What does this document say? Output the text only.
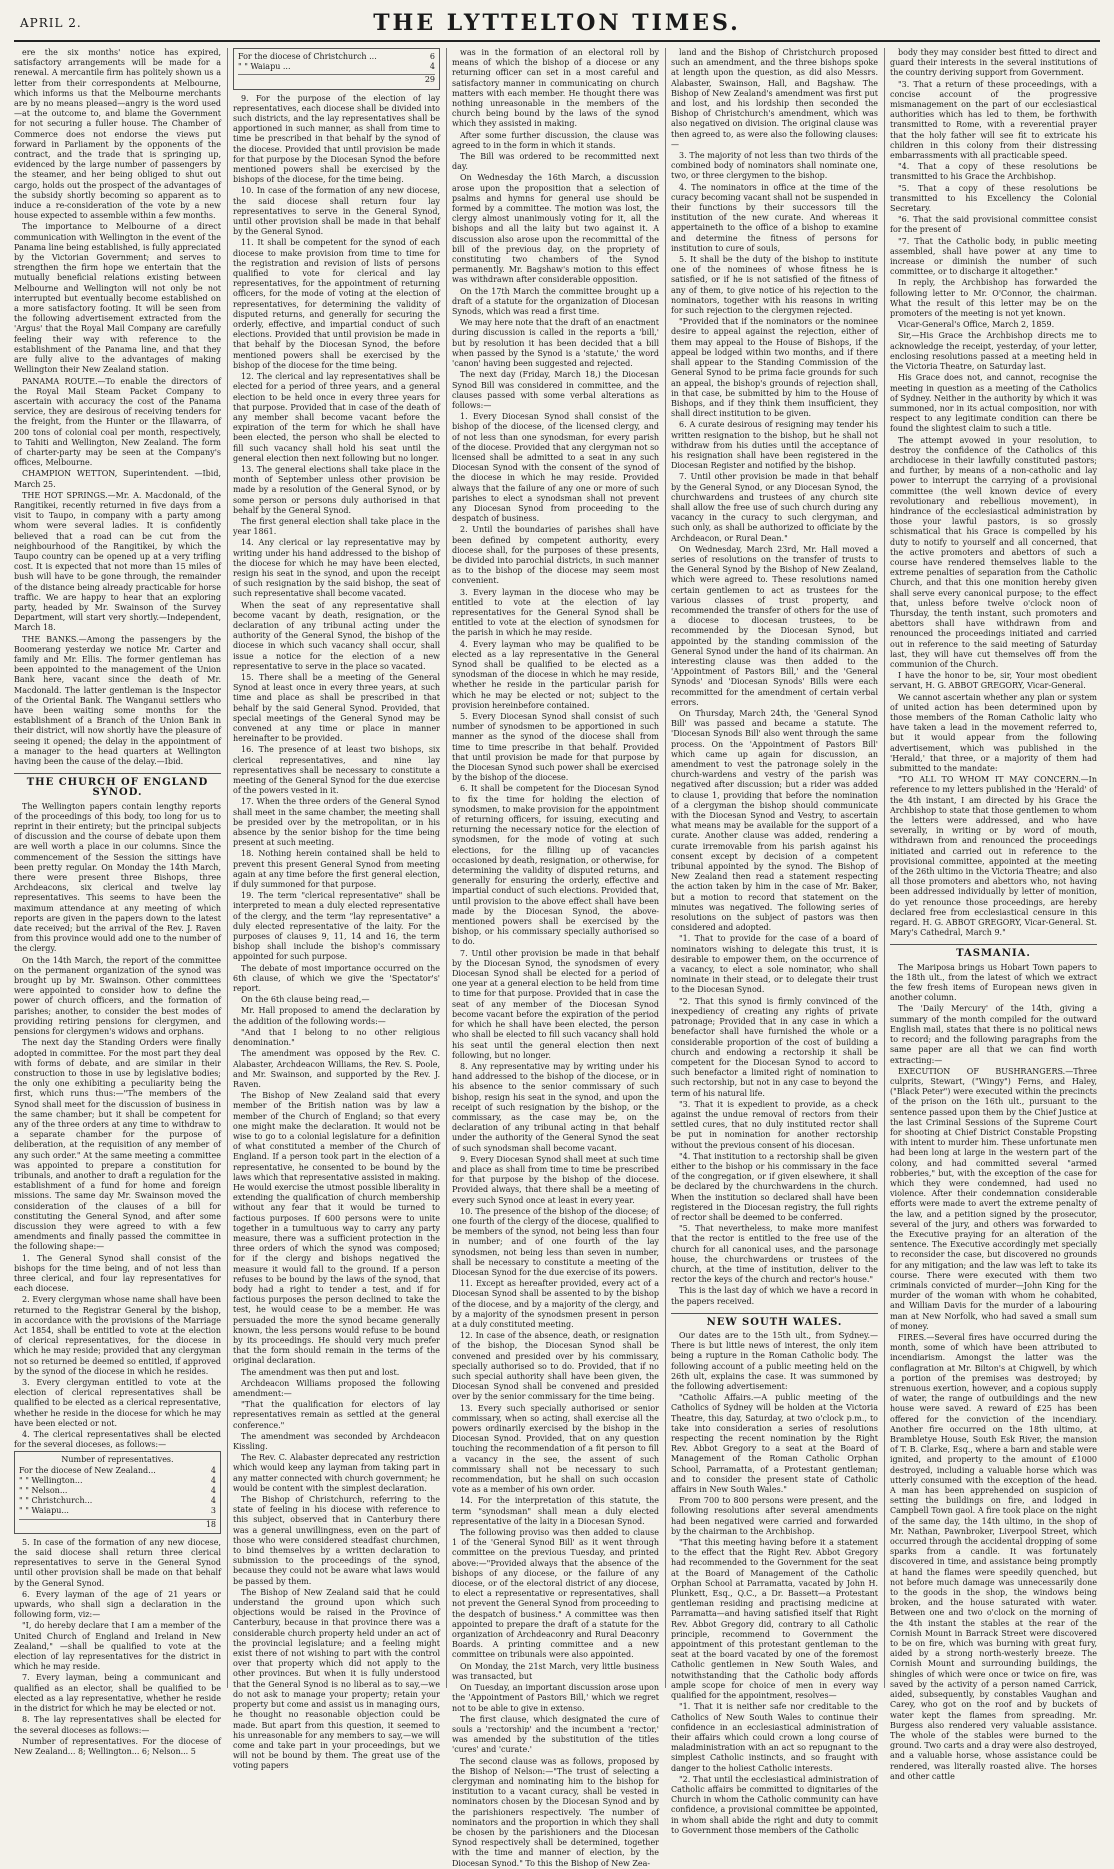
APRIL 2.	THE LYTTELTON TIMES.

ere the six months' notice has expired, satisfactory arrangements will be made for a renewal. A mercantile firm has politely shown us a letter from their correspondents at Melbourne, which informs us that the Melbourne merchants are by no means pleased—angry is the word used—at the outcome to, and blame the Government for not securing a fuller house. The Chamber of Commerce does not endorse the views put forward in Parliament by the opponents of the contract, and the trade that is springing up, evidenced by the large number of passengers by the steamer, and her being obliged to shut out cargo, holds out the prospect of the advantages of the subsidy shortly becoming so apparent as to induce a re-consideration of the vote by a new house expected to assemble within a few months.

The importance to Melbourne of a direct communication with Wellington in the event of the Panama line being established, is fully appreciated by the Victorian Government; and serves to strengthen the firm hope we entertain that the mutually beneficial relations existing between Melbourne and Wellington will not only be not interrupted but eventually become established on a more satisfactory footing. It will be seen from the following advertisement extracted from the 'Argus' that the Royal Mail Company are carefully feeling their way with reference to the establishment of the Panama line, and that they are fully alive to the advantages of making Wellington their New Zealand station.

PANAMA ROUTE.—To enable the directors of the Royal Mail Steam Packet Company to ascertain with accuracy the cost of the Panama service, they are desirous of receiving tenders for the freight, from the Hunter or the Illawarra, of 200 tons of colonial coal per month, respectively, to Tahiti and Wellington, New Zealand. The form of charter-party may be seen at the Company's offices, Melbourne.

CHAMPION WETTON, Superintendent. —Ibid, March 25.

THE HOT SPRINGS.—Mr. A. Macdonald, of the Rangitikei, recently returned in five days from a visit to Taupo, in company with a party among whom were several ladies. It is confidently believed that a road can be cut from the neighbourhood of the Rangitikei, by which the Taupo country can be opened up at a very trifling cost. It is expected that not more than 15 miles of bush will have to be gone through, the remainder of the distance being already practicable for horse traffic. We are happy to hear that an exploring party, headed by Mr. Swainson of the Survey Department, will start very shortly.—Independent, March 18.

THE BANKS.—Among the passengers by the Boomerang yesterday we notice Mr. Carter and family and Mr. Ellis. The former gentleman has been appointed to the management of the Union Bank here, vacant since the death of Mr. Macdonald. The latter gentleman is the Inspector of the Oriental Bank. The Wanganui settlers who have been waiting some months for the establishment of a Branch of the Union Bank in their district, will now shortly have the pleasure of seeing it opened; the delay in the appointment of a manager to the head quarters at Wellington having been the cause of the delay.—Ibid.

THE CHURCH OF ENGLAND SYNOD.

The Wellington papers contain lengthy reports of the proceedings of this body, too long for us to reprint in their entirety; but the principal subjects of discussion and the course of debate upon them are well worth a place in our columns. Since the commencement of the Session the sittings have been pretty regular. On Monday the 14th March, there were present three Bishops, three Archdeacons, six clerical and twelve lay representatives. This seems to have been the maximum attendance at any meeting of which reports are given in the papers down to the latest date received; but the arrival of the Rev. J. Raven from this province would add one to the number of the clergy.

On the 14th March, the report of the committee on the permanent organization of the synod was brought up by Mr. Swainson. Other committees were appointed to consider how to define the power of church officers, and the formation of parishes; another, to consider the best modes of providing retiring pensions for clergymen, and pensions for clergymen's widows and orphans.

The next day the Standing Orders were finally adopted in committee. For the most part they deal with forms of debate, and are similar in their construction to those in use by legislative bodies; the only one exhibiting a peculiarity being the first, which runs thus:—"The members of the Synod shall meet for the discussion of business in the same chamber; but it shall be competent for any of the three orders at any time to withdraw to a separate chamber for the purpose of deliberation, at the requisition of any member of any such order." At the same meeting a committee was appointed to prepare a constitution for tribunals, and another to draft a regulation for the establishment of a fund for home and foreign missions. The same day Mr. Swainson moved the consideration of the clauses of a bill for constituting the General Synod, and after some discussion they were agreed to with a few amendments and finally passed the committee in the following shape:—

1. The General Synod shall consist of the bishops for the time being, and of not less than three clerical, and four lay representatives for each diocese.

2. Every clergyman whose name shall have been returned to the Registrar General by the bishop, in accordance with the provisions of the Marriage Act 1854, shall be entitled to vote at the election of clerical representatives, for the diocese in which he may reside; provided that any clergyman not so returned be deemed so entitled, if approved by the synod of the diocese in which he resides.

3. Every clergyman entitled to vote at the election of clerical representatives shall be qualified to be elected as a clerical representative, whether he reside in the diocese for which he may have been elected or not.

4. The clerical representatives shall be elected for the several dioceses, as follows:—

Number of representatives.
For the diocese of New Zealand...	4
" " Wellington...	4
" " Nelson...	4
" " Christchurch...	4
" " Waiapu...	3
18

5. In case of the formation of any new diocese, the said diocese shall return three clerical representatives to serve in the General Synod until other provision shall be made on that behalf by the General Synod.

6. Every layman of the age of 21 years or upwards, who shall sign a declaration in the following form, viz:—

"I, do hereby declare that I am a member of the United Church of England and Ireland in New Zealand," —shall be qualified to vote at the election of lay representatives for the district in which he may reside.

7. Every layman, being a communicant and qualified as an elector, shall be qualified to be elected as a lay representative, whether he reside in the district for which he may be elected or not.

8. The lay representatives shall be elected for the several dioceses as follows:—

Number of representatives. For the diocese of New Zealand... 8; Wellington... 6; Nelson... 5

For the diocese of Christchurch ...	6
" " Waiapu ...	4
29

9. For the purpose of the election of lay representatives, each diocese shall be divided into such districts, and the lay representatives shall be apportioned in such manner, as shall from time to time be prescribed in that behalf by the synod of the diocese. Provided that until provision be made for that purpose by the Diocesan Synod the before mentioned powers shall be exercised by the bishops of the diocese, for the time being.

10. In case of the formation of any new diocese, the said diocese shall return four lay representatives to serve in the General Synod, until other provision shall be made in that behalf by the General Synod.

11. It shall be competent for the synod of each diocese to make provision from time to time for the registration and revision of lists of persons qualified to vote for clerical and lay representatives, for the appointment of returning officers, for the mode of voting at the election of representatives, for determining the validity of disputed returns, and generally for securing the orderly, effective, and impartial conduct of such elections. Provided that until provision be made in that behalf by the Diocesan Synod, the before mentioned powers shall be exercised by the bishop of the diocese for the time being.

12. The clerical and lay representatives shall be elected for a period of three years, and a general election to be held once in every three years for that purpose. Provided that in case of the death of any member shall become vacant before the expiration of the term for which he shall have been elected, the person who shall be elected to fill such vacancy shall hold his seat until the general election then next following but no longer.

13. The general elections shall take place in the month of September unless other provision be made by a resolution of the General Synod, or by some person or persons duly authorised in that behalf by the General Synod.

The first general election shall take place in the year 1861.

14. Any clerical or lay representative may by writing under his hand addressed to the bishop of the diocese for which he may have been elected, resign his seat in the synod, and upon the receipt of such resignation by the said bishop, the seat of such representative shall become vacated.

When the seat of any representative shall become vacant by death, resignation, or the declaration of any tribunal acting under the authority of the General Synod, the bishop of the diocese in which such vacancy shall occur, shall issue a notice for the election of a new representative to serve in the place so vacated.

15. There shall be a meeting of the General Synod at least once in every three years, at such time and place as shall be prescribed in that behalf by the said General Synod. Provided, that special meetings of the General Synod may be convened at any time or place in manner hereinafter to be provided.

16. The presence of at least two bishops, six clerical representatives, and nine lay representatives shall be necessary to constitute a meeting of the General Synod for the due exercise of the powers vested in it.

17. When the three orders of the General Synod shall meet in the same chamber, the meeting shall be presided over by the metropolitan, or in his absence by the senior bishop for the time being present at such meeting.

18. Nothing herein contained shall be held to prevent this present General Synod from meeting again at any time before the first general election, if duly summoned for that purpose.

19. The term "clerical representative" shall be interpreted to mean a duly elected representative of the clergy, and the term "lay representative" a duly elected representative of the laity. For the purposes of clauses 9, 11, 14 and 16, the term bishop shall include the bishop's commissary appointed for such purpose.

The debate of most importance occurred on the 6th clause, of which we give the 'Spectator's' report.

On the 6th clause being read,—

Mr. Hall proposed to amend the declaration by the addition of the following words:—

"And that I belong to no other religious denomination."

The amendment was opposed by the Rev. C. Alabaster, Archdeacon Williams, the Rev. S. Poole, and Mr. Swainson, and supported by the Rev. J. Raven.

The Bishop of New Zealand said that every member of the British nation was by law a member of the Church of England; so that every one might make the declaration. It would not be wise to go to a colonial legislature for a definition of what constituted a member of the Church of England. If a person took part in the election of a representative, he consented to be bound by the laws which that representative assisted in making. He would exercise the utmost possible liberality in extending the qualification of church membership without any fear that it would be turned to factious purposes. If 600 persons were to unite together in a tumultuous way to carry any party measure, there was a sufficient protection in the three orders of which the synod was composed; for if the clergy and bishops negatived the measure it would fall to the ground. If a person refuses to be bound by the laws of the synod, that body had a right to tender a test, and if for factious purposes the person declined to take the test, he would cease to be a member. He was persuaded the more the synod became generally known, the less persons would refuse to be bound by its proceedings. He should very much prefer that the form should remain in the terms of the original declaration.

The amendment was then put and lost.

Archdeacon Williams proposed the following amendment:—

"That the qualification for electors of lay representatives remain as settled at the general conference."

The amendment was seconded by Archdeacon Kissling.

The Rev. C. Alabaster deprecated any restriction which would keep any layman from taking part in any matter connected with church government; he would be content with the simplest declaration.

The Bishop of Christchurch, referring to the state of feeling in his diocese with reference to this subject, observed that in Canterbury there was a general unwillingness, even on the part of those who were considered steadfast churchmen, to bind themselves by a written declaration to submission to the proceedings of the synod, because they could not be aware what laws would be passed by them.

The Bishop of New Zealand said that he could understand the ground upon which such objections would be raised in the Province of Canterbury, because in that province there was a considerable church property held under an act of the provincial legislature; and a feeling might exist there of not wishing to part with the control over that property which did not apply to the other provinces. But when it is fully understood that the General Synod is no liberal as to say,—we do not ask to manage your property; retain your property but come and assist us in managing ours, he thought no reasonable objection could be made. But apart from this question, it seemed to his unreasonable for any members to say,—we will come and take part in your proceedings, but we will not be bound by them. The great use of the voting papers

was in the formation of an electoral roll by means of which the bishop of a diocese or any returning officer can set in a most careful and satisfactory manner in communicating on church matters with each member. He thought there was nothing unreasonable in the members of the church being bound by the laws of the synod which they assisted in making.

After some further discussion, the clause was agreed to in the form in which it stands.

The Bill was ordered to be recommitted next day.

On Wednesday the 16th March, a discussion arose upon the proposition that a selection of psalms and hymns for general use should be formed by a committee. The motion was lost, the clergy almost unanimously voting for it, all the bishops and all the laity but two against it. A discussion also arose upon the recommittal of the bill of the previous day, on the propriety of constituting two chambers of the Synod permanently. Mr. Bagshaw's motion to this effect was withdrawn after considerable opposition.

On the 17th March the committee brought up a draft of a statute for the organization of Diocesan Synods, which was read a first time.

We may here note that the draft of an enactment during discussion is called in the reports a 'bill,' but by resolution it has been decided that a bill when passed by the Synod is a 'statute,' the word 'canon' having been suggested and rejected.

The next day (Friday, March 18,) the Diocesan Synod Bill was considered in committee, and the clauses passed with some verbal alterations as follows:—

1. Every Diocesan Synod shall consist of the bishop of the diocese, of the licensed clergy, and of not less than one synodsman, for every parish of the diocese. Provided that any clergyman not so licensed shall be admitted to a seat in any such Diocesan Synod with the consent of the synod of the diocese in which he may reside. Provided always that the failure of any one or more of such parishes to elect a synodsman shall not prevent any Diocesan Synod from proceeding to the despatch of business.

2. Until the boundaries of parishes shall have been defined by competent authority, every diocese shall, for the purposes of these presents, be divided into parochial districts, in such manner as to the bishop of the diocese may seem most convenient.

3. Every layman in the diocese who may be entitled to vote at the election of lay representatives for the General Synod shall be entitled to vote at the election of synodsmen for the parish in which he may reside.

4. Every layman who may be qualified to be elected as a lay representative in the General Synod shall be qualified to be elected as a synodsman of the diocese in which he may reside, whether he reside in the particular parish for which he may be elected or not; subject to the provision hereinbefore contained.

5. Every Diocesan Synod shall consist of such number of synodsmen to be apportioned in such manner as the synod of the diocese shall from time to time prescribe in that behalf. Provided that until provision be made for that purpose by the Diocesan Synod such power shall be exercised by the bishop of the diocese.

6. It shall be competent for the Diocesan Synod to fix the time for holding the election of synodsmen, to make provision for the appointment of returning officers, for issuing, executing and returning the necessary notice for the election of synodsmen, for the mode of voting at such elections, for the filling up of vacancies occasioned by death, resignation, or otherwise, for determining the validity of disputed returns, and generally for ensuring the orderly, effective and impartial conduct of such elections. Provided that, until provision to the above effect shall have been made by the Diocesan Synod, the above-mentioned powers shall be exercised by the bishop, or his commissary specially authorised so to do.

7. Until other provision be made in that behalf by the Diocesan Synod, the synodsmen of every Diocesan Synod shall be elected for a period of one year at a general election to be held from time to time for that purpose. Provided that in case the seat of any member of the Diocesan Synod become vacant before the expiration of the period for which he shall have been elected, the person who shall be elected to fill such vacancy shall hold his seat until the general election then next following, but no longer.

8. Any representative may by writing under his hand addressed to the bishop of the diocese, or in his absence to the senior commissary of such bishop, resign his seat in the synod, and upon the receipt of such resignation by the bishop, or the commissary, as the case may be, on the declaration of any tribunal acting in that behalf under the authority of the General Synod the seat of such synodsman shall become vacant.

9. Every Diocesan Synod shall meet at such time and place as shall from time to time be prescribed for that purpose by the bishop of the diocese. Provided always, that there shall be a meeting of every such Synod once at least in every year.

10. The presence of the bishop of the diocese; of one fourth of the clergy of the diocese, qualified to be members of the synod, not being less than four in number; and of one fourth of the lay synodsmen, not being less than seven in number, shall be necessary to constitute a meeting of the Diocesan Synod for the due exercise of its powers.

11. Except as hereafter provided, every act of a Diocesan Synod shall be assented to by the bishop of the diocese, and by a majority of the clergy, and by a majority of the synodsmen present in person at a duly constituted meeting.

12. In case of the absence, death, or resignation of the bishop, the Diocesan Synod shall be convened and presided over by his commissary, specially authorised so to do. Provided, that if no such special authority shall have been given, the Diocesan Synod shall be convened and presided over by the senior commissary for the time being.

13. Every such specially authorised or senior commissary, when so acting, shall exercise all the powers ordinarily exercised by the bishop in the Diocesan Synod. Provided, that on any question touching the recommendation of a fit person to fill a vacancy in the see, the assent of such commissary shall not be necessary to such recommendation, but he shall on such occasion vote as a member of his own order.

14. For the interpretation of this statute, the term "synodsman" shall mean a duly elected representative of the laity in a Diocesan Synod.

The following proviso was then added to clause 1 of the 'General Synod Bill' as it went through committee on the previous Tuesday, and printed above:—"Provided always that the absence of the bishops of any diocese, or the failure of any diocese, or of the electoral district of any diocese, to elect a representative or representatives, shall not prevent the General Synod from proceeding to the despatch of business." A committee was then appointed to prepare the draft of a statute for the organization of Archdeaconry and Rural Deaconry Boards. A printing committee and a new committee on tribunals were also appointed.

On Monday, the 21st March, very little business was transacted, but

On Tuesday, an important discussion arose upon the 'Appointment of Pastors Bill,' which we regret not to be able to give in extenso.

The first clause, which designated the cure of souls a 'rectorship' and the incumbent a 'rector,' was amended by the substitution of the titles 'cures' and 'curate.'

The second clause was as follows, proposed by the Bishop of Nelson:—"The trust of selecting a clergyman and nominating him to the bishop for institution to a vacant curacy, shall be vested in nominators chosen by the Diocesan Synod and by the parishioners respectively. The number of nominators and the proportion in which they shall be chosen by the parishioners and the Diocesan Synod respectively shall be determined, together with the time and manner of election, by the Diocesan Synod." To this the Bishop of New Zea-

land and the Bishop of Christchurch proposed such an amendment, and the three bishops spoke at length upon the question, as did also Messrs. Alabaster, Swainson, Hall, and Bagshaw. The Bishop of New Zealand's amendment was first put and lost, and his lordship then seconded the Bishop of Christchurch's amendment, which was also negatived on division. The original clause was then agreed to, as were also the following clauses:—

3. The majority of not less than two thirds of the combined body of nominators shall nominate one, two, or three clergymen to the bishop.

4. The nominators in office at the time of the curacy becoming vacant shall not be suspended in their functions by their successors till the institution of the new curate. And whereas it appertaineth to the office of a bishop to examine and determine the fitness of persons for institution to cure of souls,

5. It shall be the duty of the bishop to institute one of the nominees of whose fitness he is satisfied, or if he is not satisfied of the fitness of any of them, to give notice of his rejection to the nominators, together with his reasons in writing for such rejection to the clergymen rejected.

"Provided that if the nominators or the nominee desire to appeal against the rejection, either of them may appeal to the House of Bishops, if the appeal be lodged within two months, and if there shall appear to the Standing Commission of the General Synod to be prima facie grounds for such an appeal, the bishop's grounds of rejection shall, in that case, be submitted by him to the House of Bishops, and if they think them insufficient, they shall direct institution to be given.

6. A curate desirous of resigning may tender his written resignation to the bishop, but he shall not withdraw from his duties until the acceptance of his resignation shall have been registered in the Diocesan Register and notified by the bishop.

7. Until other provision be made in that behalf by the General Synod, or any Diocesan Synod, the churchwardens and trustees of any church site shall allow the free use of such church during any vacancy in the curacy to such clergyman, and such only, as shall be authorized to officiate by the Archdeacon, or Rural Dean."

On Wednesday, March 23rd, Mr. Hall moved a series of resolutions on the transfer of trusts to the General Synod by the Bishop of New Zealand, which were agreed to. These resolutions named certain gentlemen to act as trustees for the various classes of trust property, and recommended the transfer of others for the use of a diocese to diocesan trustees, to be recommended by the Diocesan Synod, but appointed by the standing commission of the General Synod under the hand of its chairman. An interesting clause was then added to the 'Appointment of Pastors Bill,' and the 'General Synods' and 'Diocesan Synods' Bills were each recommitted for the amendment of certain verbal errors.

On Thursday, March 24th, the 'General Synod Bill' was passed and became a statute. The 'Diocesan Synods Bill' also went through the same process. On the 'Appointment of Pastors Bill' which came up again for discussion, an amendment to vest the patronage solely in the church-wardens and vestry of the parish was negatived after discussion; but a rider was added to clause 1, providing that before the nomination of a clergyman the bishop should communicate with the Diocesan Synod and Vestry, to ascertain what means may be available for the support of a curate. Another clause was added, rendering a curate irremovable from his parish against his consent except by decision of a competent tribunal appointed by the synod. The Bishop of New Zealand then read a statement respecting the action taken by him in the case of Mr. Baker, but a motion to record that statement on the minutes was negatived. The following series of resolutions on the subject of pastors was then considered and adopted.

"1. That to provide for the case of a board of nominators wishing to delegate this trust, it is desirable to empower them, on the occurrence of a vacancy, to elect a sole nominator, who shall nominate in their stead, or to delegate their trust to the Diocesan Synod.

"2. That this synod is firmly convinced of the inexpediency of creating any rights of private patronage; Provided that in any case in which a benefactor shall have furnished the whole or a considerable proportion of the cost of building a church and endowing a rectorship it shall be competent for the Diocesan Synod to accord to such benefactor a limited right of nomination to such rectorship, but not in any case to beyond the term of his natural life.

"3. That it is expedient to provide, as a check against the undue removal of rectors from their settled cures, that no duly instituted rector shall be put in nomination for another rectorship without the previous consent of his diocesan.

"4. That institution to a rectorship shall be given either to the bishop or his commissary in the face of the congregation, or if given elsewhere, it shall be declared by the churchwardens in the church. When the institution so declared shall have been registered in the Diocesan registry, the full rights of rector shall be deemed to be conferred.

"5. That nevertheless, to make more manifest that the rector is entitled to the free use of the church for all canonical uses, and the parsonage house, the churchwardens or trustees of the church, at the time of institution, deliver to the rector the keys of the church and rector's house."

This is the last day of which we have a record in the papers received.

NEW SOUTH WALES.

Our dates are to the 15th ult., from Sydney.—There is but little news of interest, the only item being a rupture in the Roman Catholic body. The following account of a public meeting held on the 26th ult, explains the case. It was summoned by the following advertisement:

"Catholic Affairs.—A public meeting of the Catholics of Sydney will be holden at the Victoria Theatre, this day, Saturday, at two o'clock p.m., to take into consideration a series of resolutions respecting the recent nomination by the Right Rev. Abbot Gregory to a seat at the Board of Management of the Roman Catholic Orphan School, Parramatta, of a Protestant gentleman; and to consider the present state of Catholic affairs in New South Wales."

From 700 to 800 persons were present, and the following resolutions after several amendments had been negatived were carried and forwarded by the chairman to the Archbishop.

"That this meeting having before it a statement to the effect that the Right Rev. Abbot Gregory had recommended to the Government for the seat at the Board of Management of the Catholic Orphan School at Parramatta, vacated by John H. Plunkett, Esq., Q.C., a Dr. Bassett—a Protestant gentleman residing and practising medicine at Parramatta—and having satisfied itself that Right Rev. Abbot Gregory did, contrary to all Catholic principle, recommend to Government the appointment of this protestant gentleman to the seat at the board vacated by one of the foremost Catholic gentlemen in New South Wales, and notwithstanding that the Catholic body affords ample scope for choice of men in every way qualified for the appointment, resolves—

"1. That it is neither safe nor creditable to the Catholics of New South Wales to continue their confidence in an ecclesiastical administration of their affairs which could crown a long course of maladministration with an act so repugnant to the simplest Catholic instincts, and so fraught with danger to the holiest Catholic interests.

"2. That until the ecclesiastical administration of Catholic affairs be committed to dignitaries of the Church in whom the Catholic community can have confidence, a provisional committee be appointed, in whom shall abide the right and duty to commit to Government those members of the Catholic

body they may consider best fitted to direct and guard their interests in the several institutions of the country deriving support from Government.

"3. That a return of these proceedings, with a concise account of the progressive mismanagement on the part of our ecclesiastical authorities which has led to them, be forthwith transmitted to Rome, with a reverential prayer that the holy father will see fit to extricate his children in this colony from their distressing embarrassments with all practicable speed.

"4. That a copy of these resolutions be transmitted to his Grace the Archbishop.

"5. That a copy of these resolutions be transmitted to his Excellency the Colonial Secretary.

"6. That the said provisional committee consist for the present of

"7. That the Catholic body, in public meeting assembled, shall have power at any time to increase or diminish the number of such committee, or to discharge it altogether."

In reply, the Archbishop has forwarded the following letter to Mr. O'Connor, the chairman. What the result of this letter may be on the promoters of the meeting is not yet known.

Vicar-General's Office, March 2, 1859.

Sir,—His Grace the Archbishop directs me to acknowledge the receipt, yesterday, of your letter, enclosing resolutions passed at a meeting held in the Victoria Theatre, on Saturday last.

His Grace does not, and cannot, recognise the meeting in question as a meeting of the Catholics of Sydney. Neither in the authority by which it was summoned, nor in its actual composition, nor with respect to any legitimate condition can there be found the slightest claim to such a title.

The attempt avowed in your resolution, to destroy the confidence of the Catholics of this archdiocese in their lawfully constituted pastors; and further, by means of a non-catholic and lay power to interrupt the carrying of a provisional committee (the well known device of every revolutionary and rebellious movement), in hindrance of the ecclesiastical administration by those your lawful pastors, is so grossly schismatical that his Grace is compelled by his duty to notify to yourself and all concerned, that the active promoters and abettors of such a course have rendered themselves liable to the extreme penalties of separation from the Catholic Church, and that this one monition hereby given shall serve every canonical purpose; to the effect that, unless before twelve o'clock noon of Thursday, the tenth instant, such promoters and abettors shall have withdrawn from and renounced the proceedings initiated and carried out in reference to the said meeting of Saturday last, they will have cut themselves off from the communion of the Church.

I have the honor to be, sir, Your most obedient servant, H. G. ABBOT GREGORY, Vicar-General.

We cannot ascertain whether any plan or system of united action has been determined upon by those members of the Roman Catholic laity who have taken a lead in the movement referred to, but it would appear from the following advertisement, which was published in the 'Herald,' that three, or a majority of them had submitted to the mandate:

"TO ALL TO WHOM IT MAY CONCERN.—In reference to my letters published in the 'Herald' of the 4th instant, I am directed by his Grace the Archbishop to state that those gentlemen to whom the letters were addressed, and who have severally, in writing or by word of mouth, withdrawn from and renounced the proceedings initiated and carried out in reference to the provisional committee, appointed at the meeting of the 26th ultimo in the Victoria Theatre; and also all those promoters and abettors who, not having been addressed individually by letter of monition, do yet renounce those proceedings, are hereby declared free from ecclesiastical censure in this regard. H. G. ABBOT GREGORY, Vicar-General. St. Mary's Cathedral, March 9."

TASMANIA.

The Mariposa brings us Hobart Town papers to the 18th ult., from the latest of which we extract the few fresh items of European news given in another column.

The 'Daily Mercury' of the 14th, giving a summary of the month compiled for the outward English mail, states that there is no political news to record; and the following paragraphs from the same paper are all that we can find worth extracting:—

EXECUTION OF BUSHRANGERS.—Three culprits, Stewart, ("Wingy") Ferns, and Haley, ("Black Peter") were executed within the precincts of the prison on the 16th ult., pursuant to the sentence passed upon them by the Chief Justice at the last Criminal Sessions of the Supreme Court for shooting at Chief District Constable Propsting with intent to murder him. These unfortunate men had been long at large in the western part of the colony, and had committed several "armed robberies," but, with the exception of the case for which they were condemned, had used no violence. After their condemnation considerable efforts were made to avert the extreme penalty of the law, and a petition signed by the prosecutor, several of the jury, and others was forwarded to the Executive praying for an alteration of the sentence. The Executive accordingly met specially to reconsider the case, but discovered no grounds for any mitigation; and the law was left to take its course. There were executed with them two criminals convicted of murder—John King for the murder of the woman with whom he cohabited, and William Davis for the murder of a labouring man at New Norfolk, who had saved a small sum of money.

FIRES.—Several fires have occurred during the month, some of which have been attributed to incendiarism. Amongst the latter was the conflagration at Mr. Bilton's at Chigwell, by which a portion of the premises was destroyed; by strenuous exertion, however, and a copious supply of water, the range of outbuildings and the new house were saved. A reward of £25 has been offered for the conviction of the incendiary. Another fire occurred on the 18th ultimo, at Brambletye House, South Esk River, the mansion of T. B. Clarke, Esq., where a barn and stable were ignited, and property to the amount of £1000 destroyed, including a valuable horse which was utterly consumed with the exception of the head. A man has been apprehended on suspicion of setting the buildings on fire, and lodged in Campbell Town gaol. A fire took place on the night of the same day, the 14th ultimo, in the shop of Mr. Nathan, Pawnbroker, Liverpool Street, which occurred through the accidental dropping of some sparks from a candle. It was fortunately discovered in time, and assistance being promptly at hand the flames were speedily quenched, but not before much damage was unnecessarily done to the goods in the shop, the windows being broken, and the house saturated with water. Between one and two o'clock on the morning of the 4th instant the stables at the rear of the Cornish Mount in Barrack Street were discovered to be on fire, which was burning with great fury, aided by a strong north-westerly breeze. The Cornish Mount and surrounding buildings, the shingles of which were once or twice on fire, was saved by the activity of a person named Carrick, aided, subsequently, by constables Vaughan and Carey, who got on the roof and by buckets of water kept the flames from spreading. Mr. Burgess also rendered very valuable assistance. The whole of the stables were burned to the ground. Two carts and a dray were also destroyed, and a valuable horse, whose assistance could be rendered, was literally roasted alive. The horses and other cattle
